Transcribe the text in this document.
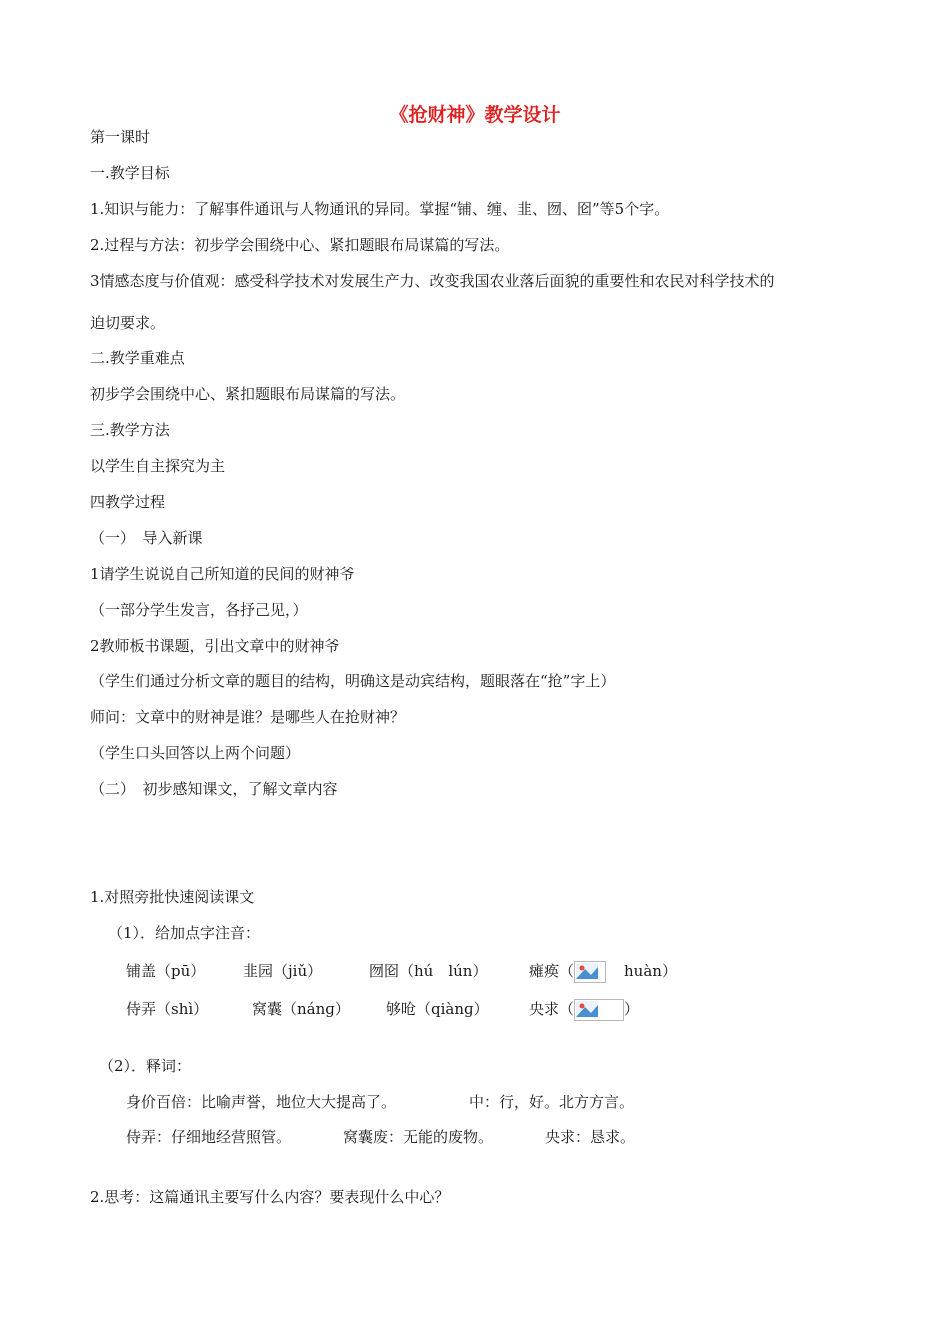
《抢财神》教学设计
第一课时
一.教学目标
1.知识与能力：了解事件通讯与人物通讯的异同。掌握“铺、缠、韭、囫、囵”等5个字。
2.过程与方法：初步学会围绕中心、紧扣题眼布局谋篇的写法。
3情感态度与价值观：感受科学技术对发展生产力、改变我国农业落后面貌的重要性和农民对科学技术的
迫切要求。
二.教学重难点
初步学会围绕中心、紧扣题眼布局谋篇的写法。
三.教学方法
以学生自主探究为主
四教学过程
（一）　导入新课
1请学生说说自己所知道的民间的财神爷
（一部分学生发言，各抒己见，）
2教师板书课题，引出文章中的财神爷
（学生们通过分析文章的题目的结构，明确这是动宾结构，题眼落在“抢”字上）
师问：文章中的财神是谁？是哪些人在抢财神？
（学生口头回答以上两个问题）
（二）　初步感知课文，了解文章内容
1.对照旁批快速阅读课文
（1）．给加点字注音：
铺盖（pū）	韭园（jiǔ）	囫囵（hú　lún）	瘫痪（	huàn）
侍弄（shì）	窝囊（nánɡ） 够呛（qiànɡ）	央求（	）
（2）．释词：
身价百倍：比喻声誉，地位大大提高了。	中：行，好。北方方言。
侍弄：仔细地经营照管。	窝囊废：无能的废物。	央求：恳求。
2.思考：这篇通讯主要写什么内容？要表现什么中心？
